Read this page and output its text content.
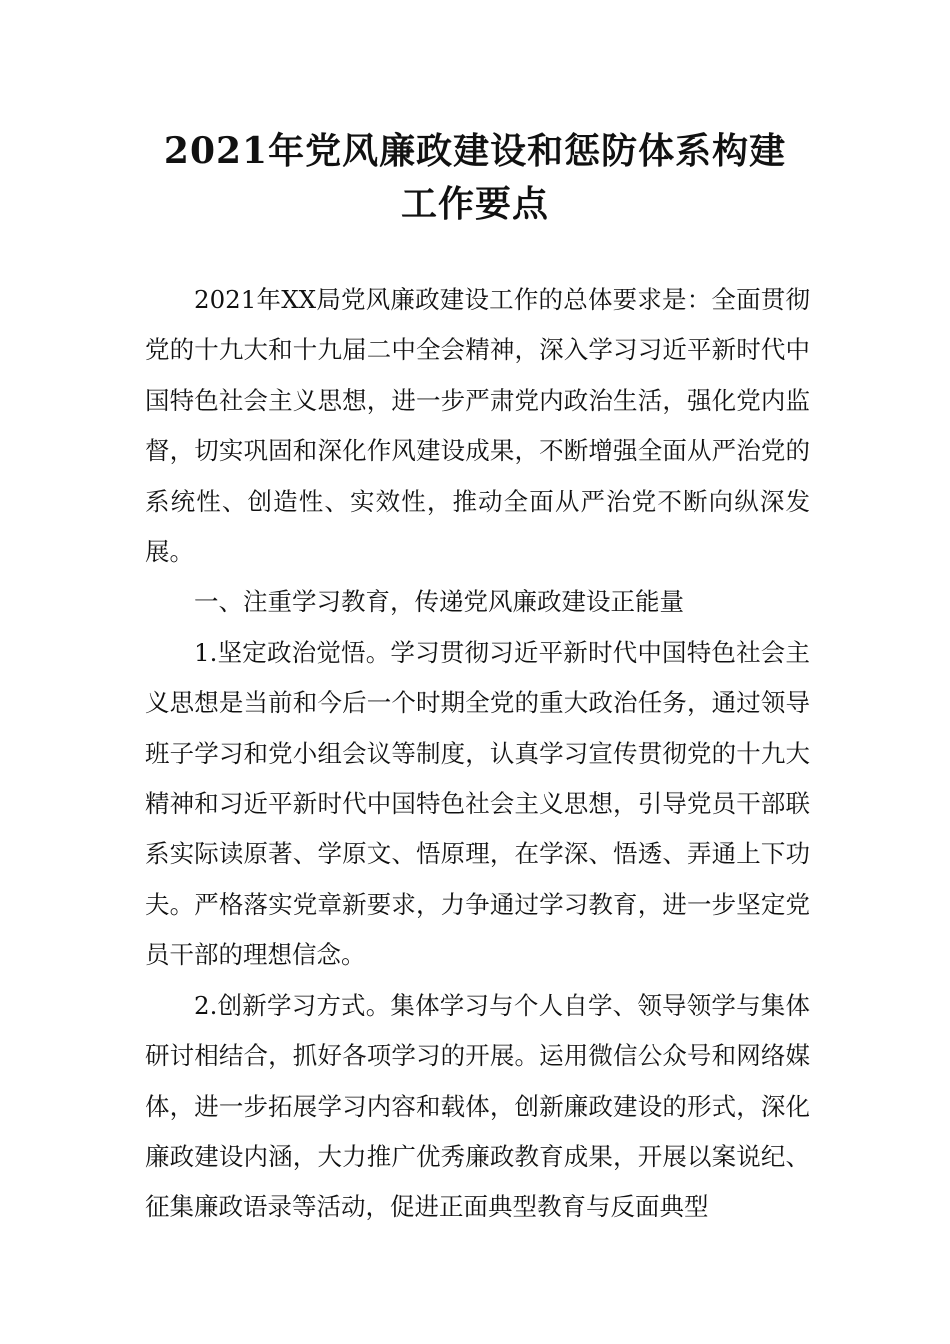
2021年党风廉政建设和惩防体系构建
工作要点

2021年XX局党风廉政建设工作的总体要求是：全面贯彻党的十九大和十九届二中全会精神，深入学习习近平新时代中国特色社会主义思想，进一步严肃党内政治生活，强化党内监督，切实巩固和深化作风建设成果，不断增强全面从严治党的系统性、创造性、实效性，推动全面从严治党不断向纵深发展。

一、注重学习教育，传递党风廉政建设正能量

1.坚定政治觉悟。学习贯彻习近平新时代中国特色社会主义思想是当前和今后一个时期全党的重大政治任务，通过领导班子学习和党小组会议等制度，认真学习宣传贯彻党的十九大精神和习近平新时代中国特色社会主义思想，引导党员干部联系实际读原著、学原文、悟原理，在学深、悟透、弄通上下功夫。严格落实党章新要求，力争通过学习教育，进一步坚定党员干部的理想信念。

2.创新学习方式。集体学习与个人自学、领导领学与集体研讨相结合，抓好各项学习的开展。运用微信公众号和网络媒体，进一步拓展学习内容和载体，创新廉政建设的形式，深化廉政建设内涵，大力推广优秀廉政教育成果，开展以案说纪、征集廉政语录等活动，促进正面典型教育与反面典型
